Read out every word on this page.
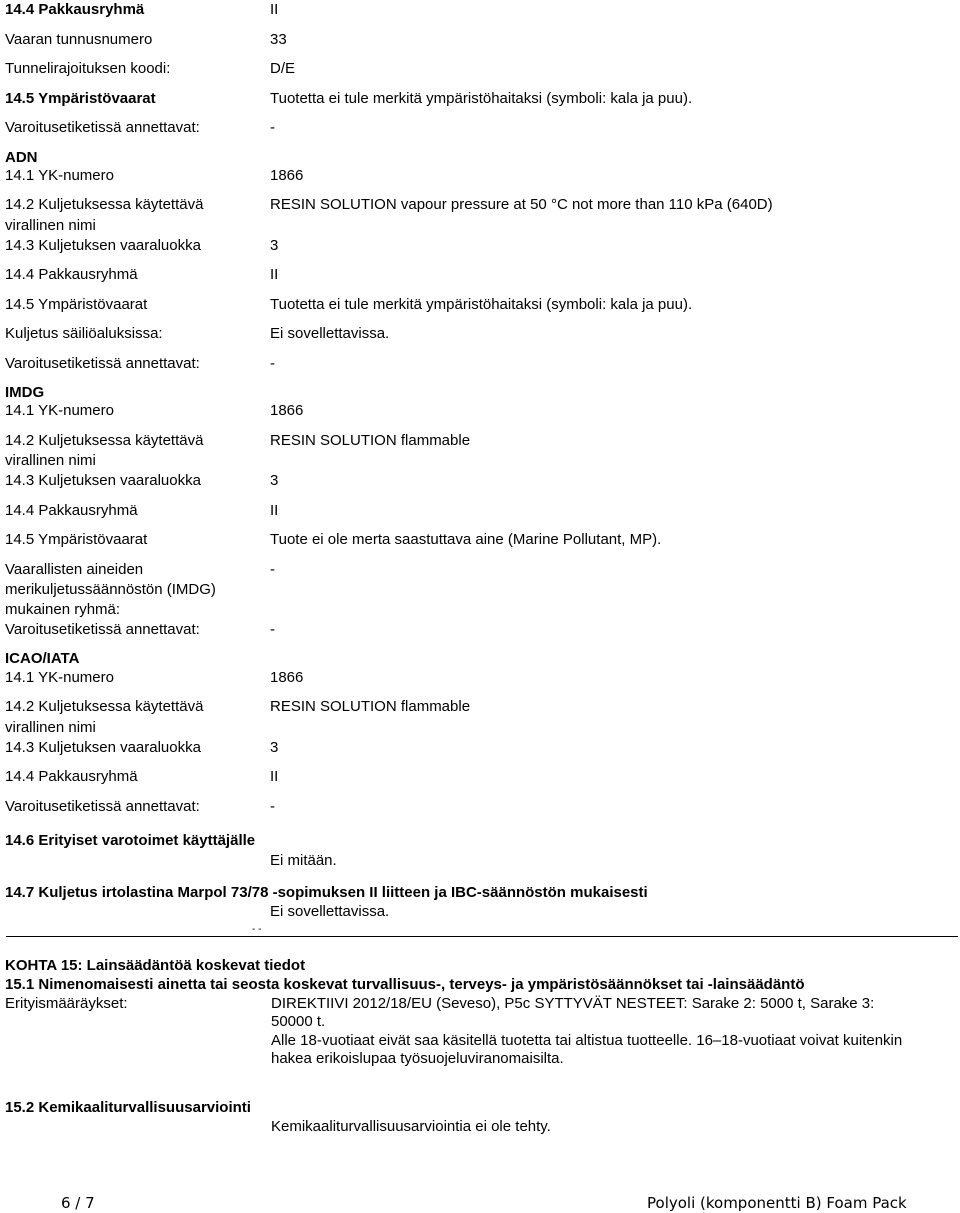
14.4 Pakkausryhmä	II
Vaaran tunnusnumero	33
Tunnelirajoituksen koodi:	D/E
14.5 Ympäristövaarat	Tuotetta ei tule merkitä ympäristöhaitaksi (symboli: kala ja puu).
Varoitusetiketissä annettavat:	-
ADN
14.1 YK-numero	1866
14.2 Kuljetuksessa käytettävä	RESIN SOLUTION vapour pressure at 50 °C not more than 110 kPa (640D)
virallinen nimi
14.3 Kuljetuksen vaaraluokka	3
14.4 Pakkausryhmä	II
14.5 Ympäristövaarat	Tuotetta ei tule merkitä ympäristöhaitaksi (symboli: kala ja puu).
Kuljetus säiliöaluksissa:	Ei sovellettavissa.
Varoitusetiketissä annettavat:	-
IMDG
14.1 YK-numero	1866
14.2 Kuljetuksessa käytettävä	RESIN SOLUTION flammable
virallinen nimi
14.3 Kuljetuksen vaaraluokka	3
14.4 Pakkausryhmä	II
14.5 Ympäristövaarat	Tuote ei ole merta saastuttava aine (Marine Pollutant, MP).
Vaarallisten aineiden	-
merikuljetussäännöstön (IMDG)
mukainen ryhmä:
Varoitusetiketissä annettavat:	-
ICAO/IATA
14.1 YK-numero	1866
14.2 Kuljetuksessa käytettävä	RESIN SOLUTION flammable
virallinen nimi
14.3 Kuljetuksen vaaraluokka	3
14.4 Pakkausryhmä	II
Varoitusetiketissä annettavat:	-
14.6 Erityiset varotoimet käyttäjälle
Ei mitään.
14.7 Kuljetus irtolastina Marpol 73/78 -sopimuksen II liitteen ja IBC-säännöstön mukaisesti
Ei sovellettavissa.
- -
KOHTA 15: Lainsäädäntöä koskevat tiedot
15.1 Nimenomaisesti ainetta tai seosta koskevat turvallisuus-, terveys- ja ympäristösäännökset tai -lainsäädäntö
Erityismääräykset:	DIREKTIIVI 2012/18/EU (Seveso), P5c SYTTYVÄT NESTEET: Sarake 2: 5000 t, Sarake 3:
50000 t.
Alle 18-vuotiaat eivät saa käsitellä tuotetta tai altistua tuotteelle. 16–18-vuotiaat voivat kuitenkin
hakea erikoislupaa työsuojeluviranomaisilta.
15.2 Kemikaaliturvallisuusarviointi
Kemikaaliturvallisuusarviointia ei ole tehty.
6 / 7	Polyoli (komponentti B) Foam Pack
